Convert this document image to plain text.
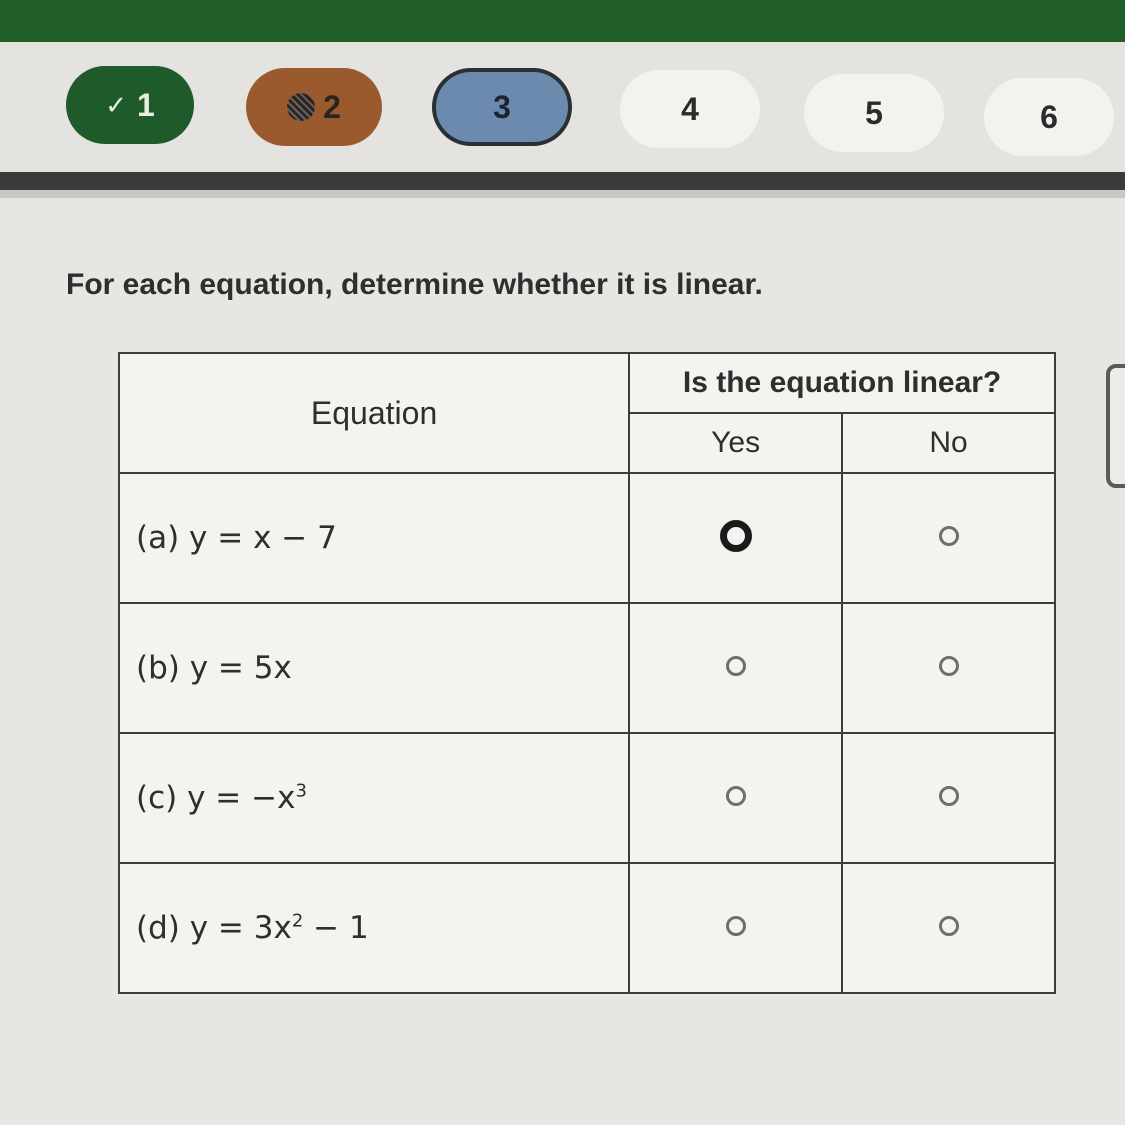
✓ 1	2	3	4	5	6
For each equation, determine whether it is linear.
Equation	Is the equation linear?	
	Yes	No
(a) y = x − 7		
(b) y = 5x		
(c) $y = -x^3$		
(d) $y = 3x^2 - 1$		
